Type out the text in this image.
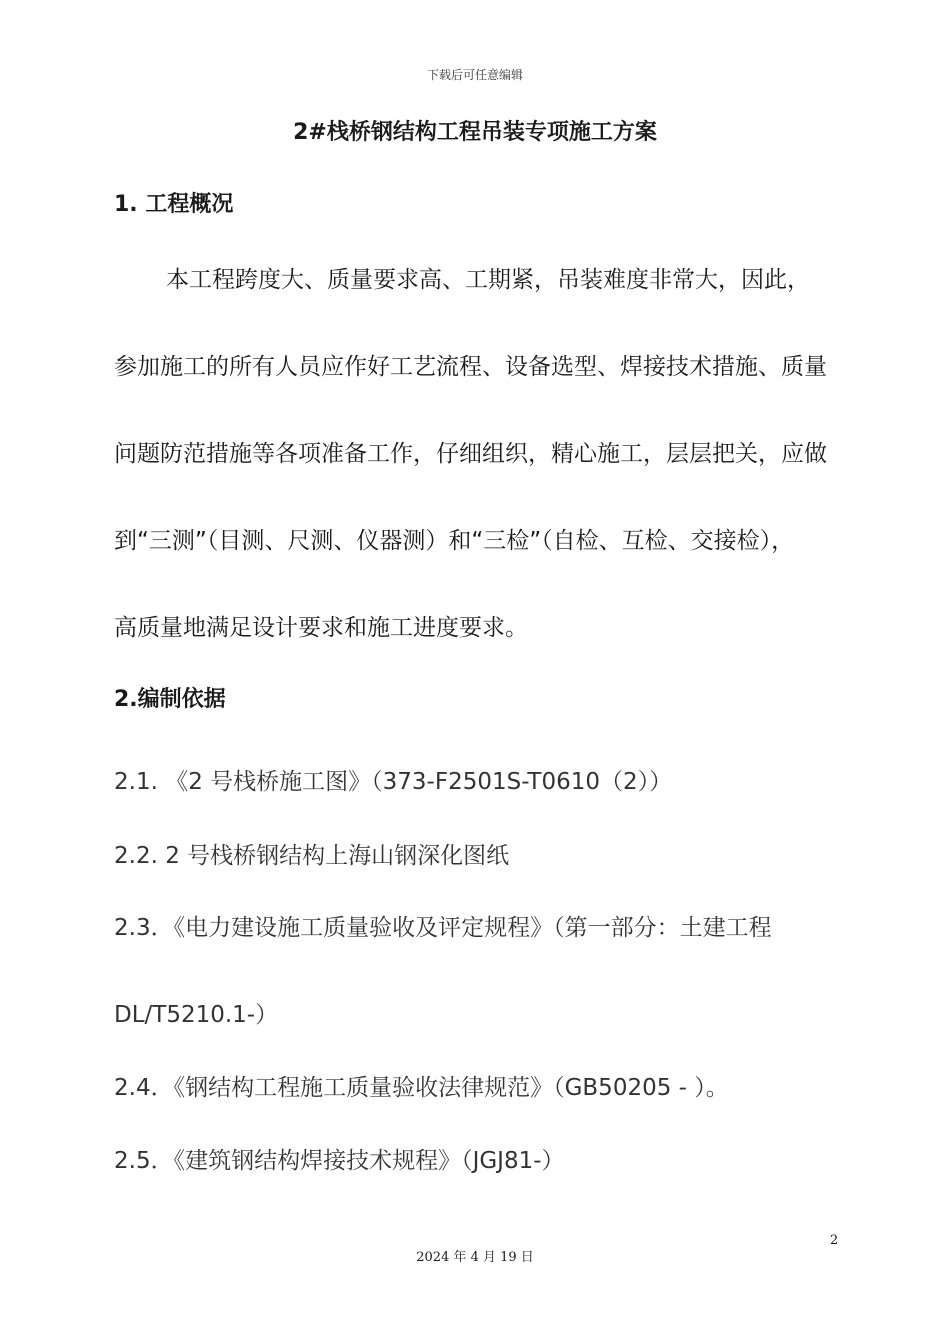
下载后可任意编辑
2#栈桥钢结构工程吊装专项施工方案
1. 工程概况
本工程跨度大、质量要求高、工期紧，吊装难度非常大，因此，
参加施工的所有人员应作好工艺流程、设备选型、焊接技术措施、质量
问题防范措施等各项准备工作，仔细组织，精心施工，层层把关，应做
到“三测”（目测、尺测、仪器测）和“三检”（自检、互检、交接检），
高质量地满足设计要求和施工进度要求。
2.编制依据
2.1. 《2 号栈桥施工图》（373-F2501S-T0610（2））
2.2. 2 号栈桥钢结构上海山钢深化图纸
2.3．《电力建设施工质量验收及评定规程》（第一部分：土建工程
DL/T5210.1-）
2.4．《钢结构工程施工质量验收法律规范》（GB50205 - ）。
2.5．《建筑钢结构焊接技术规程》（JGJ81-）
2
2024 年 4 月 19 日
